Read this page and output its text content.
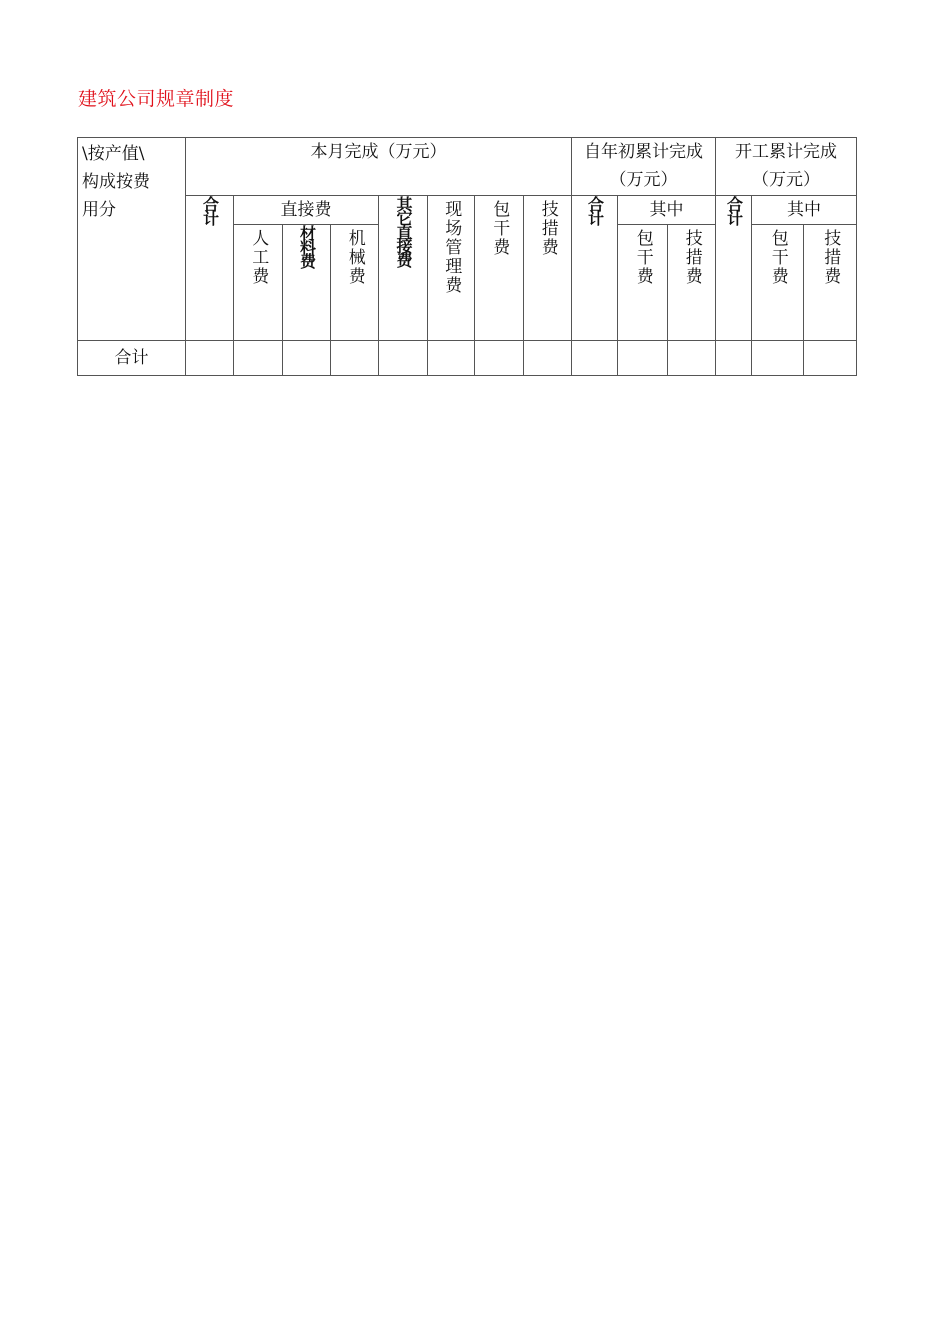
建筑公司规章制度
\按产值\
构成按费
用分	本月完成（万元）								自年初累计完成（万元）			开工累计完成（万元）		
	合计	直接费			其它直接费	现场管理费	包干费	技措费	合计	其中		合计	其中	
		人工费	材料费	机械费						包干费	技措费		包干费	技措费
合计														
